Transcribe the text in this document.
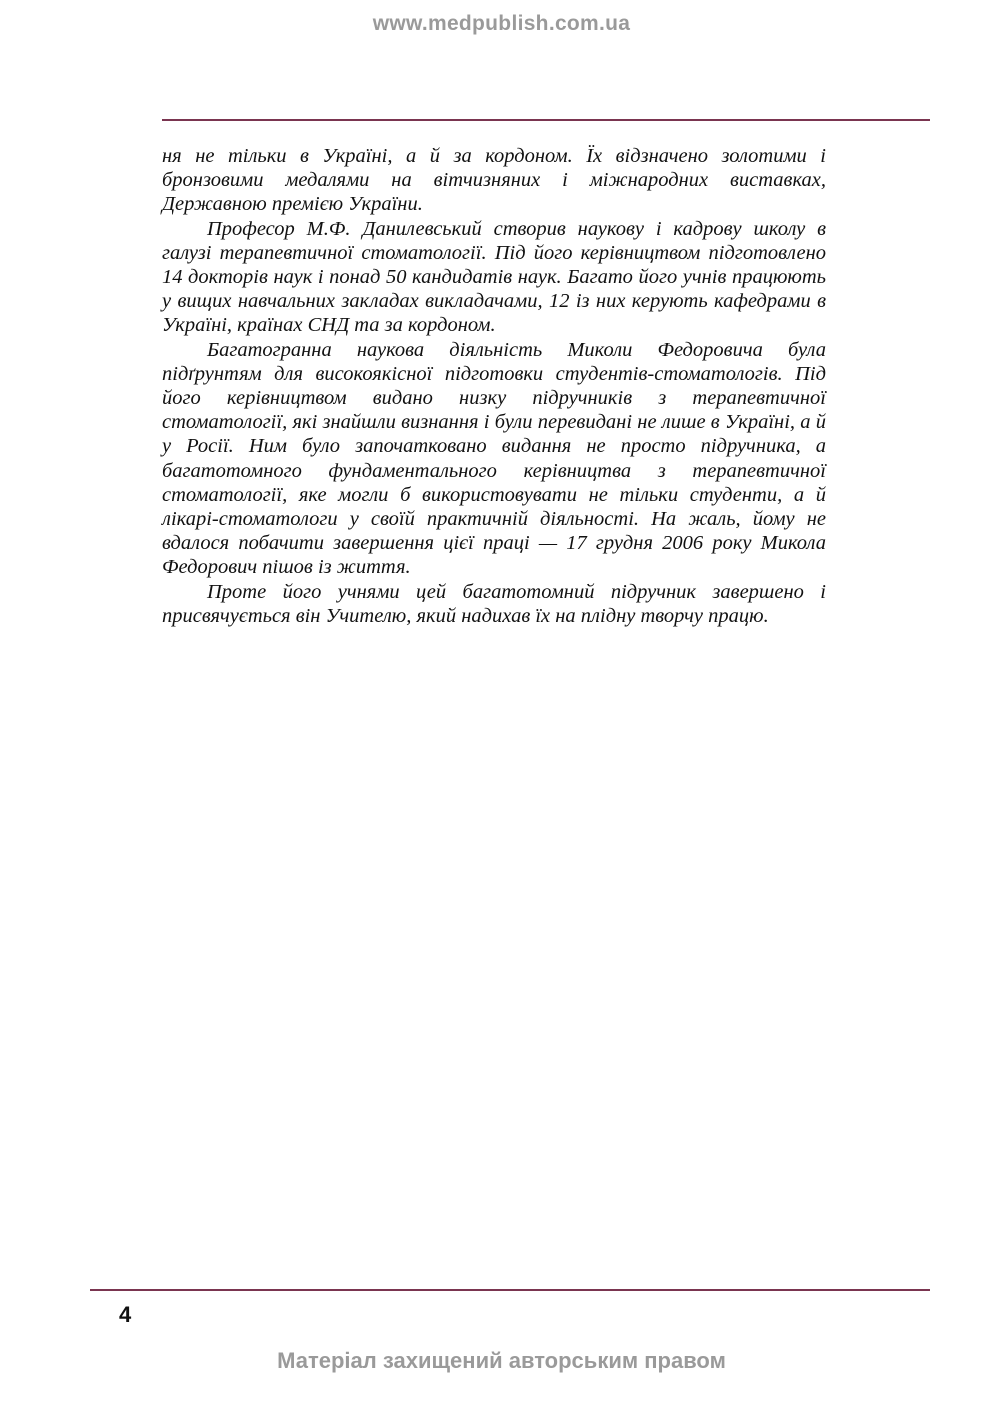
www.medpublish.com.ua

ня не тільки в Україні, а й за кордоном. Їх відзначено золотими і бронзовими медалями на вітчизняних і міжнародних виставках, Державною премією України.

Професор М.Ф. Данилевський створив наукову і кадрову школу в галузі терапевтичної стоматології. Під його керівництвом підготовлено 14 докторів наук і понад 50 кандидатів наук. Багато його учнів працюють у вищих навчальних закладах викладачами, 12 із них керують кафедрами в Україні, країнах СНД та за кордоном.

Багатогранна наукова діяльність Миколи Федоровича була підґрунтям для високоякісної підготовки студентів-стоматологів. Під його керівництвом видано низку підручників з терапевтичної стоматології, які знайшли визнання і були перевидані не лише в Україні, а й у Росії. Ним було започатковано видання не просто підручника, а багатотомного фундаментального керівництва з терапевтичної стоматології, яке могли б використовувати не тільки студенти, а й лікарі-стоматологи у своїй практичній діяльності. На жаль, йому не вдалося побачити завершення цієї праці — 17 грудня 2006 року Микола Федорович пішов із життя.

Проте його учнями цей багатотомний підручник завершено і присвячується він Учителю, який надихав їх на плідну творчу працю.

4
Матеріал захищений авторським правом
